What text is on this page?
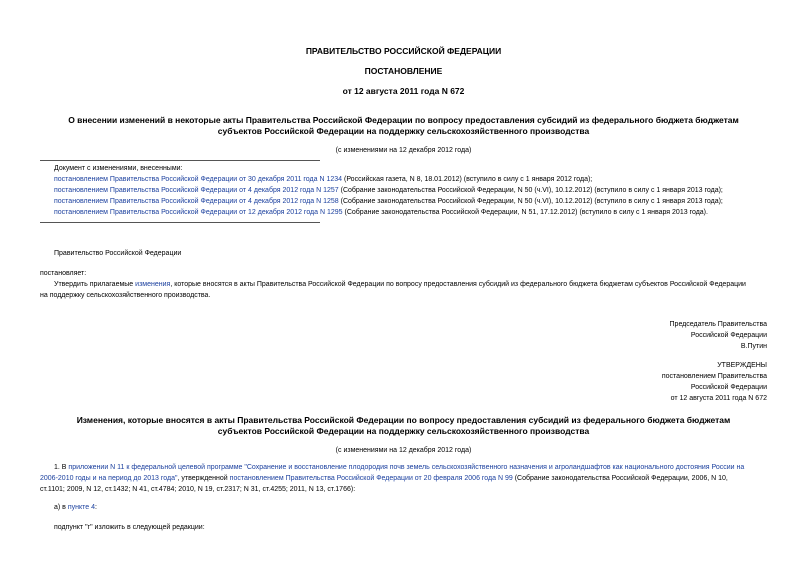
ПРАВИТЕЛЬСТВО РОССИЙСКОЙ ФЕДЕРАЦИИ
ПОСТАНОВЛЕНИЕ
от 12 августа 2011 года N 672
О внесении изменений в некоторые акты Правительства Российской Федерации по вопросу предоставления субсидий из федерального бюджета бюджетам
субъектов Российской Федерации на поддержку сельскохозяйственного производства
(с изменениями на 12 декабря 2012 года)
Документ с изменениями, внесенными:
постановлением Правительства Российской Федерации от 30 декабря 2011 года N 1234 (Российская газета, N 8, 18.01.2012) (вступило в силу с 1 января 2012 года);
постановлением Правительства Российской Федерации от 4 декабря 2012 года N 1257 (Собрание законодательства Российской Федерации, N 50 (ч.VI), 10.12.2012) (вступило в силу с 1 января 2013 года);
постановлением Правительства Российской Федерации от 4 декабря 2012 года N 1258 (Собрание законодательства Российской Федерации, N 50 (ч.VI), 10.12.2012) (вступило в силу с 1 января 2013 года);
постановлением Правительства Российской Федерации от 12 декабря 2012 года N 1295 (Собрание законодательства Российской Федерации, N 51, 17.12.2012) (вступило в силу с 1 января 2013 года).
Правительство Российской Федерации
постановляет:
Утвердить прилагаемые изменения, которые вносятся в акты Правительства Российской Федерации по вопросу предоставления субсидий из федерального бюджета бюджетам субъектов Российской Федерации
на поддержку сельскохозяйственного производства.
Председатель Правительства
Российской Федерации
В.Путин
УТВЕРЖДЕНЫ
постановлением Правительства
Российской Федерации
от 12 августа 2011 года N 672
Изменения, которые вносятся в акты Правительства Российской Федерации по вопросу предоставления субсидий из федерального бюджета бюджетам
субъектов Российской Федерации на поддержку сельскохозяйственного производства
(с изменениями на 12 декабря 2012 года)
1. В приложении N 11 к федеральной целевой программе "Сохранение и восстановление плодородия почв земель сельскохозяйственного назначения и агроландшафтов как национального достояния России на
2006-2010 годы и на период до 2013 года", утвержденной постановлением Правительства Российской Федерации от 20 февраля 2006 года N 99 (Собрание законодательства Российской Федерации, 2006, N 10,
ст.1101; 2009, N 12, ст.1432; N 41, ст.4784; 2010, N 19, ст.2317; N 31, ст.4255; 2011, N 13, ст.1766):
а) в пункте 4:
подпункт "г" изложить в следующей редакции:
